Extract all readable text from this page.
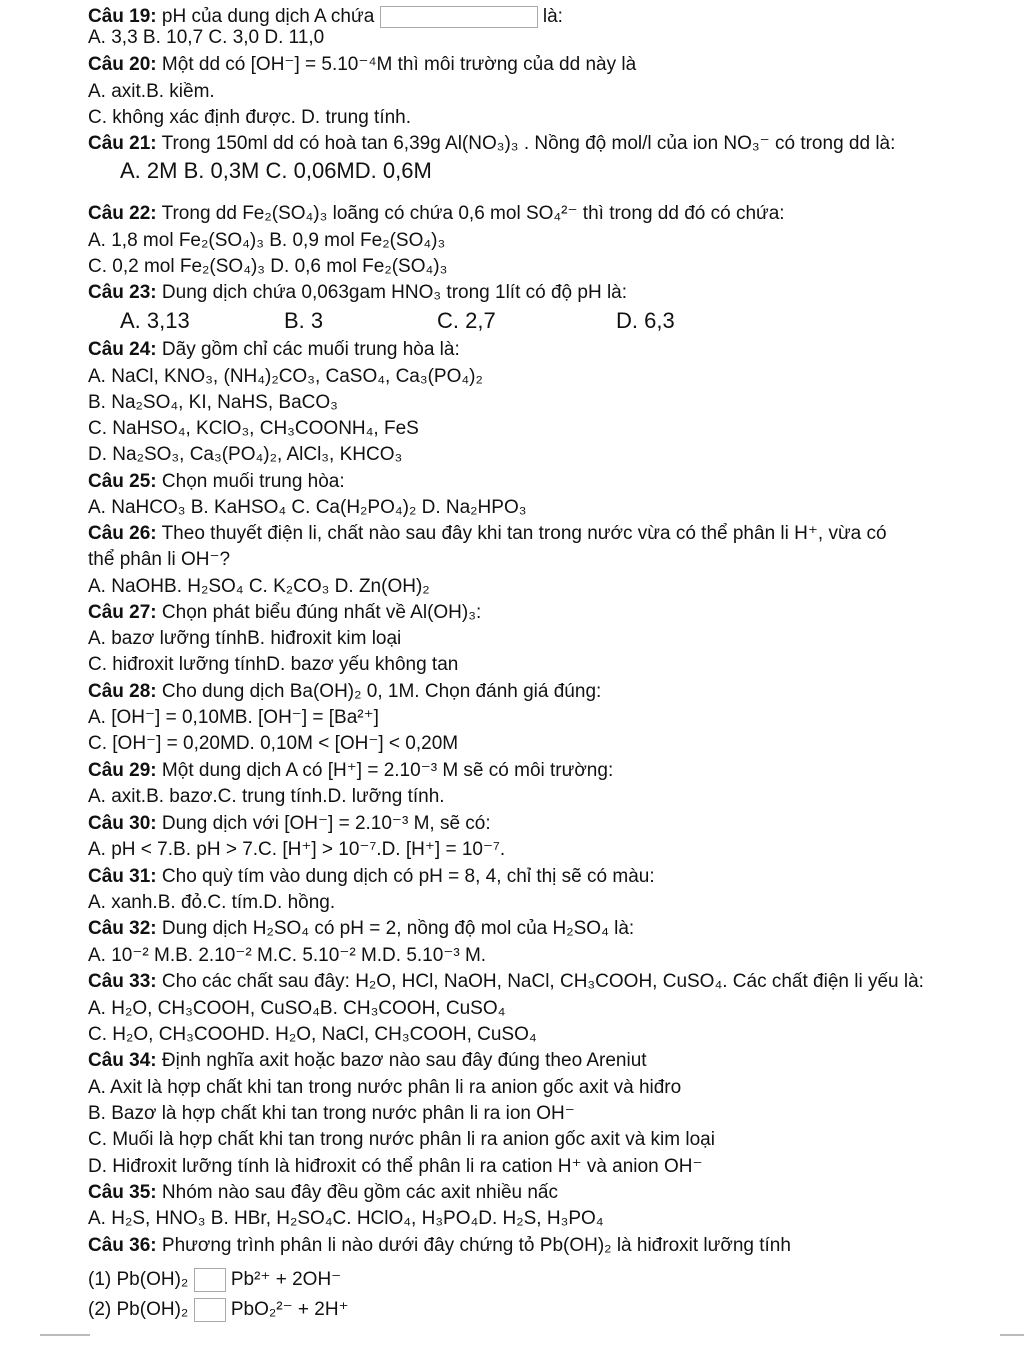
Câu 19: pH của dung dịch A chứa	là:
A. 3,3 B. 10,7 C. 3,0 D. 11,0
Câu 20: Một dd có [OH⁻] = 5.10⁻⁴M thì môi trường của dd này là
A. axit.B. kiềm.
C. không xác định được. D. trung tính.
Câu 21: Trong 150ml dd có hoà tan 6,39g Al(NO₃)₃ . Nồng độ mol/l của ion NO₃⁻ có trong dd là:
A. 2M B. 0,3M C. 0,06MD. 0,6M
Câu 22: Trong dd Fe₂(SO₄)₃ loãng có chứa 0,6 mol SO₄²⁻ thì trong dd đó có chứa:
A. 1,8 mol Fe₂(SO₄)₃ B. 0,9 mol Fe₂(SO₄)₃
C. 0,2 mol Fe₂(SO₄)₃ D. 0,6 mol Fe₂(SO₄)₃
Câu 23: Dung dịch chứa 0,063gam HNO₃ trong 1lít có độ pH là:
A. 3,13	B. 3	C. 2,7	D. 6,3
Câu 24: Dãy gồm chỉ các muối trung hòa là:
A. NaCl, KNO₃, (NH₄)₂CO₃, CaSO₄, Ca₃(PO₄)₂
B. Na₂SO₄, KI, NaHS, BaCO₃
C. NaHSO₄, KClO₃, CH₃COONH₄, FeS
D. Na₂SO₃, Ca₃(PO₄)₂, AlCl₃, KHCO₃
Câu 25: Chọn muối trung hòa:
A. NaHCO₃ B. KaHSO₄ C. Ca(H₂PO₄)₂ D. Na₂HPO₃
Câu 26: Theo thuyết điện li, chất nào sau đây khi tan trong nước vừa có thể phân li H⁺, vừa có
thể phân li OH⁻?
A. NaOHB. H₂SO₄ C. K₂CO₃ D. Zn(OH)₂
Câu 27: Chọn phát biểu đúng nhất về Al(OH)₃:
A. bazơ lưỡng tínhB. hiđroxit kim loại
C. hiđroxit lưỡng tínhD. bazơ yếu không tan
Câu 28: Cho dung dịch Ba(OH)₂ 0, 1M. Chọn đánh giá đúng:
A. [OH⁻] = 0,10MB. [OH⁻] = [Ba²⁺]
C. [OH⁻] = 0,20MD. 0,10M < [OH⁻] < 0,20M
Câu 29: Một dung dịch A có [H⁺] = 2.10⁻³ M sẽ có môi trường:
A. axit.B. bazơ.C. trung tính.D. lưỡng tính.
Câu 30: Dung dịch với [OH⁻] = 2.10⁻³ M, sẽ có:
A. pH < 7.B. pH > 7.C. [H⁺] > 10⁻⁷.D. [H⁺] = 10⁻⁷.
Câu 31: Cho quỳ tím vào dung dịch có pH = 8, 4, chỉ thị sẽ có màu:
A. xanh.B. đỏ.C. tím.D. hồng.
Câu 32: Dung dịch H₂SO₄ có pH = 2, nồng độ mol của H₂SO₄ là:
A. 10⁻² M.B. 2.10⁻² M.C. 5.10⁻² M.D. 5.10⁻³ M.
Câu 33: Cho các chất sau đây: H₂O, HCl, NaOH, NaCl, CH₃COOH, CuSO₄. Các chất điện li yếu là:
A. H₂O, CH₃COOH, CuSO₄B. CH₃COOH, CuSO₄
C. H₂O, CH₃COOHD. H₂O, NaCl, CH₃COOH, CuSO₄
Câu 34: Định nghĩa axit hoặc bazơ nào sau đây đúng theo Areniut
A. Axit là hợp chất khi tan trong nước phân li ra anion gốc axit và hiđro
B. Bazơ là hợp chất khi tan trong nước phân li ra ion OH⁻
C. Muối là hợp chất khi tan trong nước phân li ra anion gốc axit và kim loại
D. Hiđroxit lưỡng tính là hiđroxit có thể phân li ra cation H⁺ và anion OH⁻
Câu 35: Nhóm nào sau đây đều gồm các axit nhiều nấc
A. H₂S, HNO₃ B. HBr, H₂SO₄C. HClO₄, H₃PO₄D. H₂S, H₃PO₄
Câu 36: Phương trình phân li nào dưới đây chứng tỏ Pb(OH)₂ là hiđroxit lưỡng tính
(1) Pb(OH)₂ Pb²⁺ + 2OH⁻
(2) Pb(OH)₂ PbO₂²⁻ + 2H⁺
